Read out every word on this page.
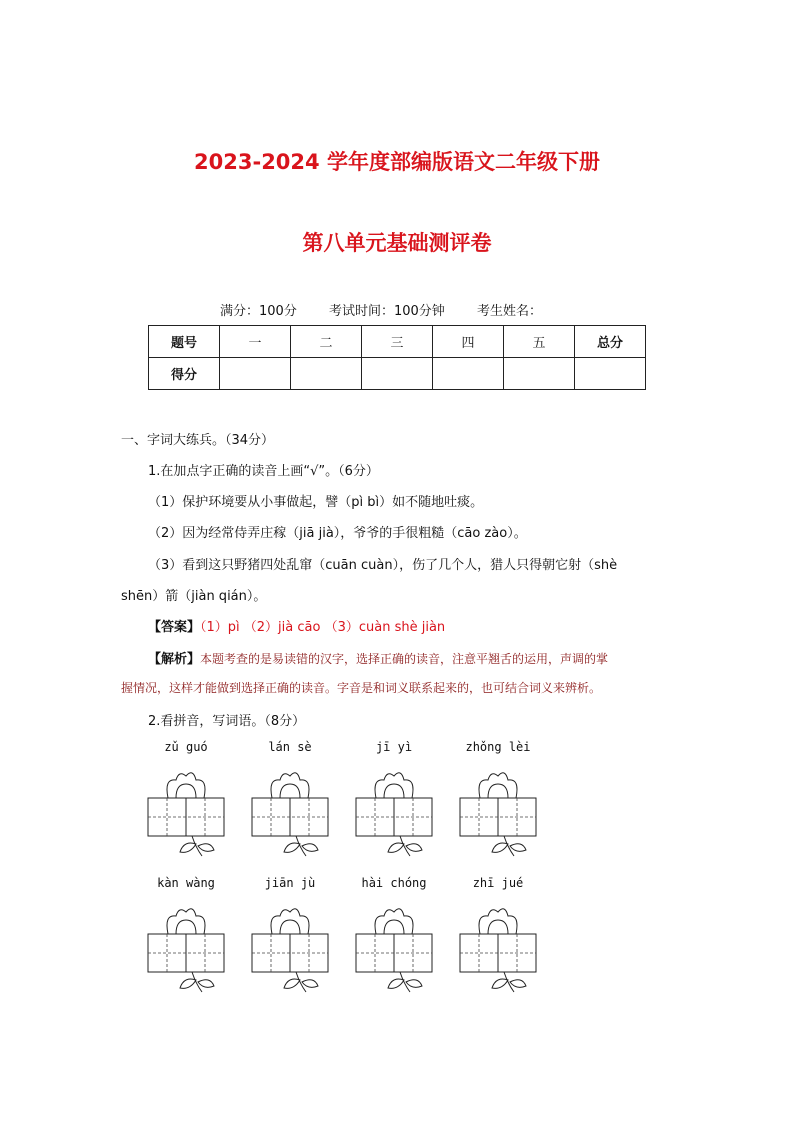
2023-2024 学年度部编版语文二年级下册
第八单元基础测评卷
满分：100分 考试时间：100分钟 考生姓名：
题号	一	二	三	四	五	总分
得分						
一、字词大练兵。（34分）
1.在加点字正确的读音上画“√”。（6分）
（1）保护环境要从小事做起，譬（pì bì）如不随地吐痰。
（2）因为经常侍弄庄稼（jiā jià），爷爷的手很粗糙（cāo zào）。
（3）看到这只野猪四处乱窜（cuān cuàn），伤了几个人，猎人只得朝它射（shè
shēn）箭（jiàn qián）。
【答案】（1）pì （2）jià cāo （3）cuàn shè jiàn
【解析】本题考查的是易读错的汉字，选择正确的读音，注意平翘舌的运用，声调的掌
握情况，这样才能做到选择正确的读音。字音是和词义联系起来的，也可结合词义来辨析。
2.看拼音，写词语。（8分）
zǔ guó	lán sè	jī yì	zhǒng lèi
kàn wàng	jiān jù	hài chóng	zhī jué
